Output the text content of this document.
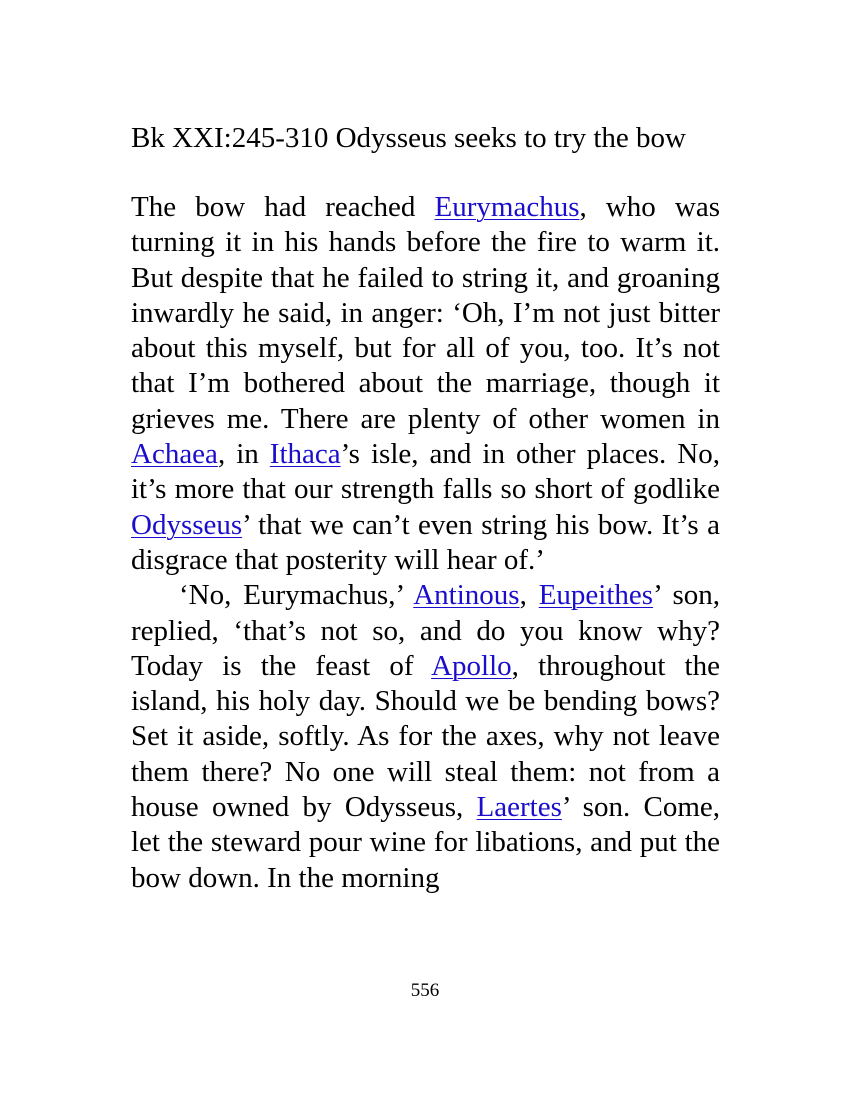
Bk XXI:245-310 Odysseus seeks to try the bow

The bow had reached Eurymachus, who was turning it in his hands before the fire to warm it. But despite that he failed to string it, and groaning inwardly he said, in anger: ‘Oh, I’m not just bitter about this myself, but for all of you, too. It’s not that I’m bothered about the marriage, though it grieves me. There are plenty of other women in Achaea, in Ithaca’s isle, and in other places. No, it’s more that our strength falls so short of godlike Odysseus’ that we can’t even string his bow. It’s a disgrace that posterity will hear of.’

‘No, Eurymachus,’ Antinous, Eupeithes’ son, replied, ‘that’s not so, and do you know why? Today is the feast of Apollo, throughout the island, his holy day. Should we be bending bows? Set it aside, softly. As for the axes, why not leave them there? No one will steal them: not from a house owned by Odysseus, Laertes’ son. Come, let the steward pour wine for libations, and put the bow down. In the morning

556
